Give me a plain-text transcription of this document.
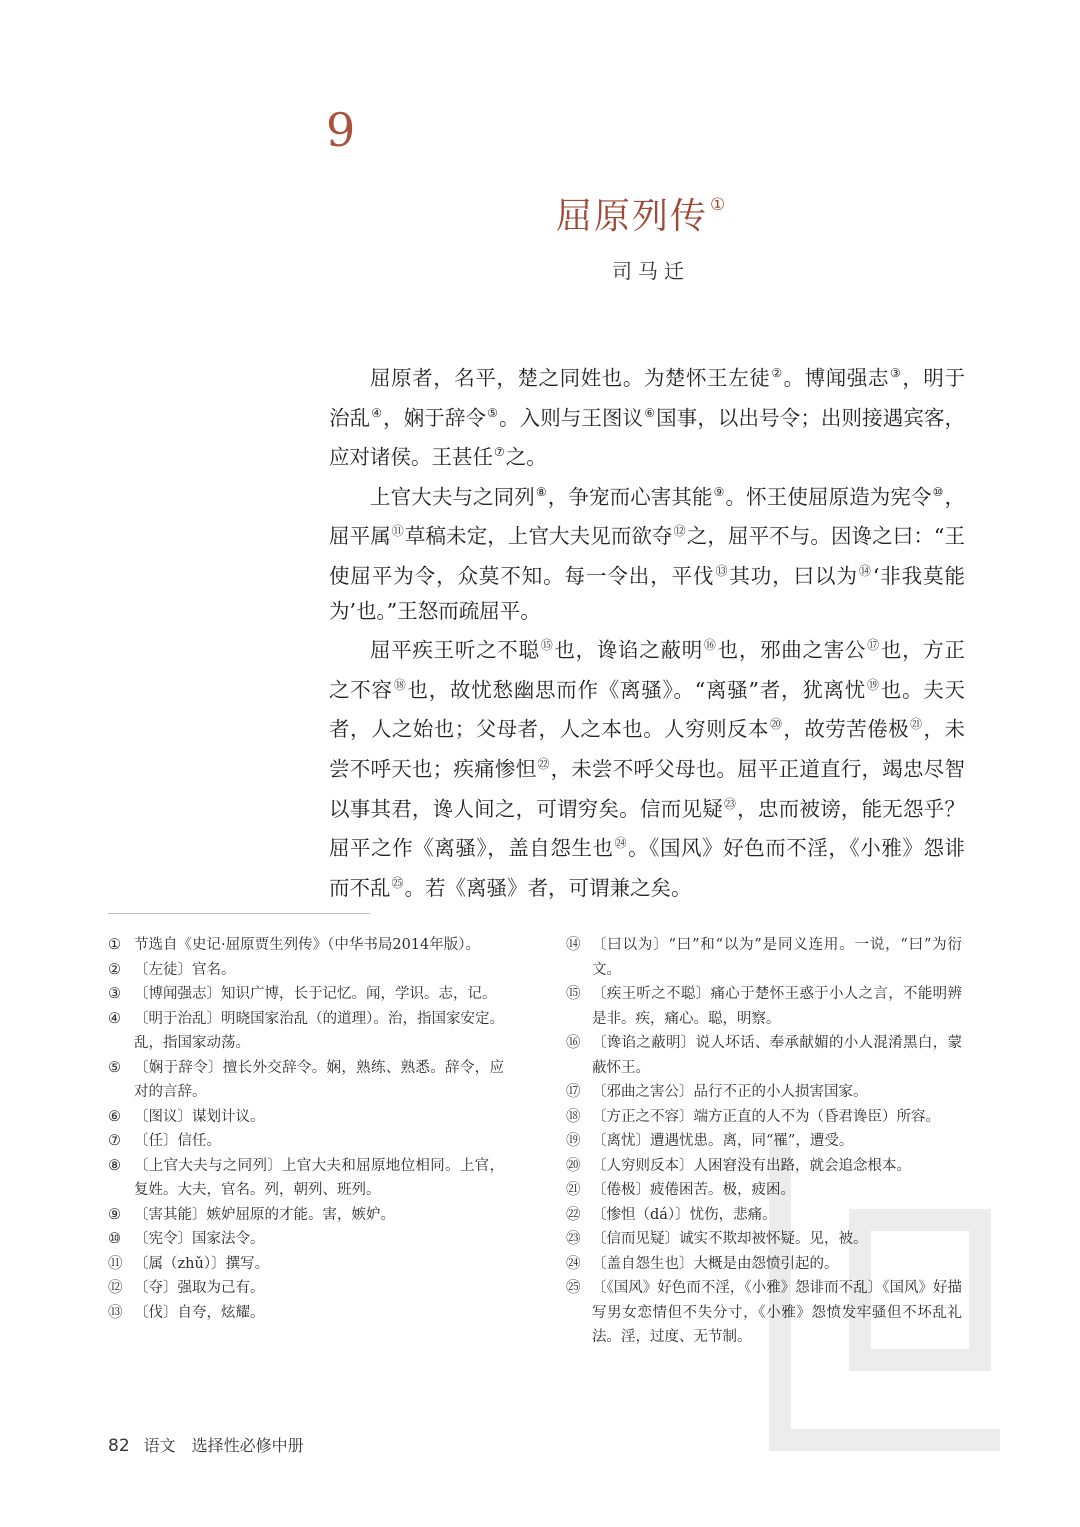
9
屈原列传 ①
司马迁

屈原者，名平，楚之同姓也。为楚怀王左徒②。博闻强志③，明于治乱④，娴于辞令⑤。入则与王图议⑥国事，以出号令；出则接遇宾客，应对诸侯。王甚任⑦之。

上官大夫与之同列⑧，争宠而心害其能⑨。怀王使屈原造为宪令⑩，屈平属⑪草稿未定，上官大夫见而欲夺⑫之，屈平不与。因谗之曰：“王使屈平为令，众莫不知。每一令出，平伐⑬其功，曰以为⑭‘非我莫能为’也。”王怒而疏屈平。

屈平疾王听之不聪⑮也，谗谄之蔽明⑯也，邪曲之害公⑰也，方正之不容⑱也，故忧愁幽思而作《离骚》。“离骚”者，犹离忧⑲也。夫天者，人之始也；父母者，人之本也。人穷则反本⑳，故劳苦倦极$^㉑$，未尝不呼天也；疾痛惨怛$^㉒$，未尝不呼父母也。屈平正道直行，竭忠尽智以事其君，谗人间之，可谓穷矣。信而见疑$^㉓$，忠而被谤，能无怨乎？屈平之作《离骚》，盖自怨生也$^㉔$。《国风》好色而不淫，《小雅》怨诽而不乱$^㉕$。若《离骚》者，可谓兼之矣。

① 节选自《史记·屈原贾生列传》（中华书局2014年版）。
② 〔左徒〕官名。
③ 〔博闻强志〕知识广博，长于记忆。闻，学识。志，记。
④ 〔明于治乱〕明晓国家治乱（的道理）。治，指国家安定。乱，指国家动荡。
⑤ 〔娴于辞令〕擅长外交辞令。娴，熟练、熟悉。辞令，应对的言辞。
⑥ 〔图议〕谋划计议。
⑦ 〔任〕信任。
⑧ 〔上官大夫与之同列〕上官大夫和屈原地位相同。上官，复姓。大夫，官名。列，朝列、班列。
⑨ 〔害其能〕嫉妒屈原的才能。害，嫉妒。
⑩ 〔宪令〕国家法令。
⑪ 〔属（zhǔ）〕撰写。
⑫ 〔夺〕强取为己有。
⑬ 〔伐〕自夸，炫耀。
⑭ 〔曰以为〕“曰”和“以为”是同义连用。一说，“曰”为衍文。
⑮ 〔疾王听之不聪〕痛心于楚怀王惑于小人之言，不能明辨是非。疾，痛心。聪，明察。
⑯ 〔谗谄之蔽明〕说人坏话、奉承献媚的小人混淆黑白，蒙蔽怀王。
⑰ 〔邪曲之害公〕品行不正的小人损害国家。
⑱ 〔方正之不容〕端方正直的人不为（昏君谗臣）所容。
⑲ 〔离忧〕遭遇忧患。离，同“罹”，遭受。
⑳ 〔人穷则反本〕人困窘没有出路，就会追念根本。
㉑ 〔倦极〕疲倦困苦。极，疲困。
㉒ 〔惨怛（dá）〕忧伤，悲痛。
㉓ 〔信而见疑〕诚实不欺却被怀疑。见，被。
㉔ 〔盖自怨生也〕大概是由怨愤引起的。
㉕ 〔《国风》好色而不淫，《小雅》怨诽而不乱〕《国风》好描写男女恋情但不失分寸，《小雅》怨愤发牢骚但不坏乱礼法。淫，过度、无节制。
82 语文 选择性必修中册
